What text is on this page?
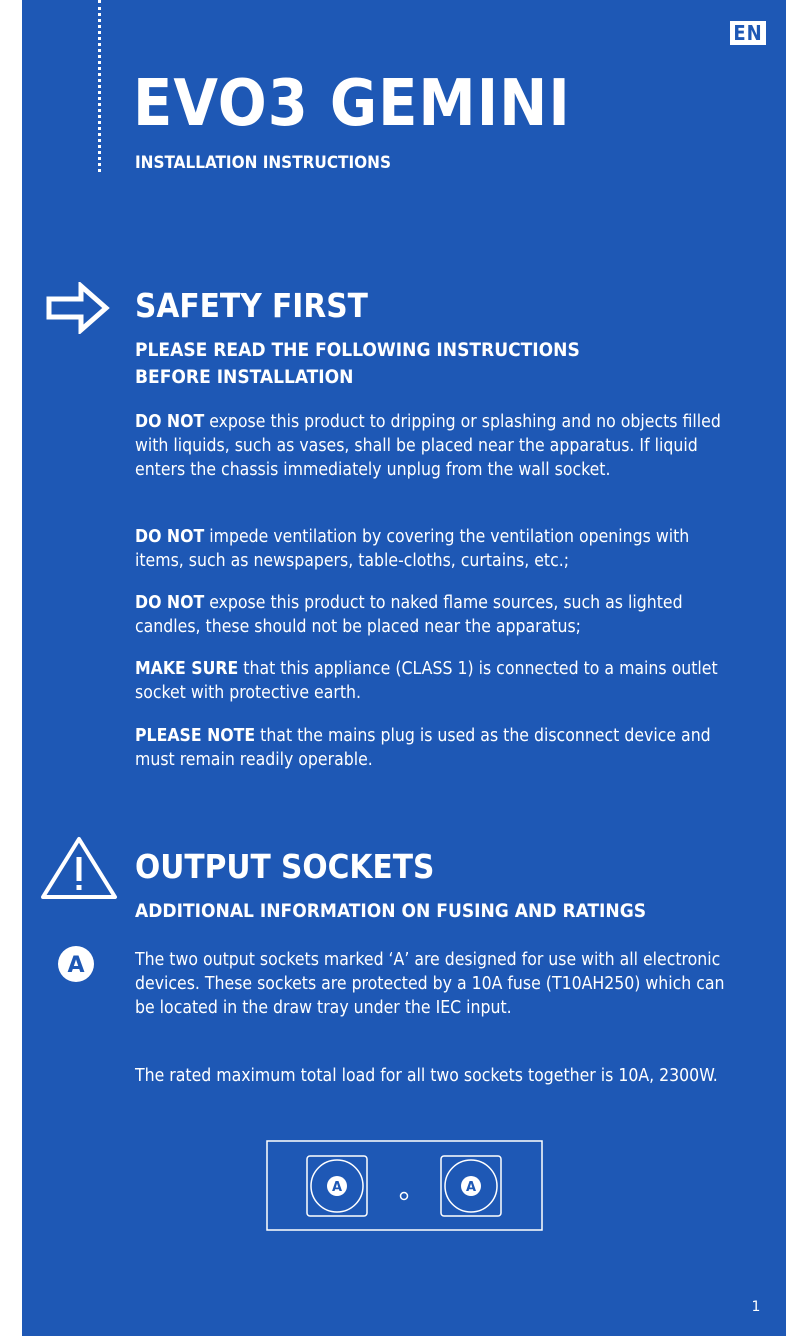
EN
EVO3 GEMINI

INSTALLATION INSTRUCTIONS

SAFETY FIRST
PLEASE READ THE FOLLOWING INSTRUCTIONS
BEFORE INSTALLATION

DO NOT expose this product to dripping or splashing and no objects filled with liquids, such as vases, shall be placed near the apparatus. If liquid enters the chassis immediately unplug from the wall socket.

DO NOT impede ventilation by covering the ventilation openings with items, such as newspapers, table-cloths, curtains, etc.;

DO NOT expose this product to naked flame sources, such as lighted candles, these should not be placed near the apparatus;

MAKE SURE that this appliance (CLASS 1) is connected to a mains outlet socket with protective earth.

PLEASE NOTE that the mains plug is used as the disconnect device and must remain readily operable.

OUTPUT SOCKETS
ADDITIONAL INFORMATION ON FUSING AND RATINGS
A	The two output sockets marked ‘A’ are designed for use with all electronic devices. These sockets are protected by a 10A fuse (T10AH250) which can be located in the draw tray under the IEC input.

The rated maximum total load for all two sockets together is 10A, 2300W.

A	A
1
